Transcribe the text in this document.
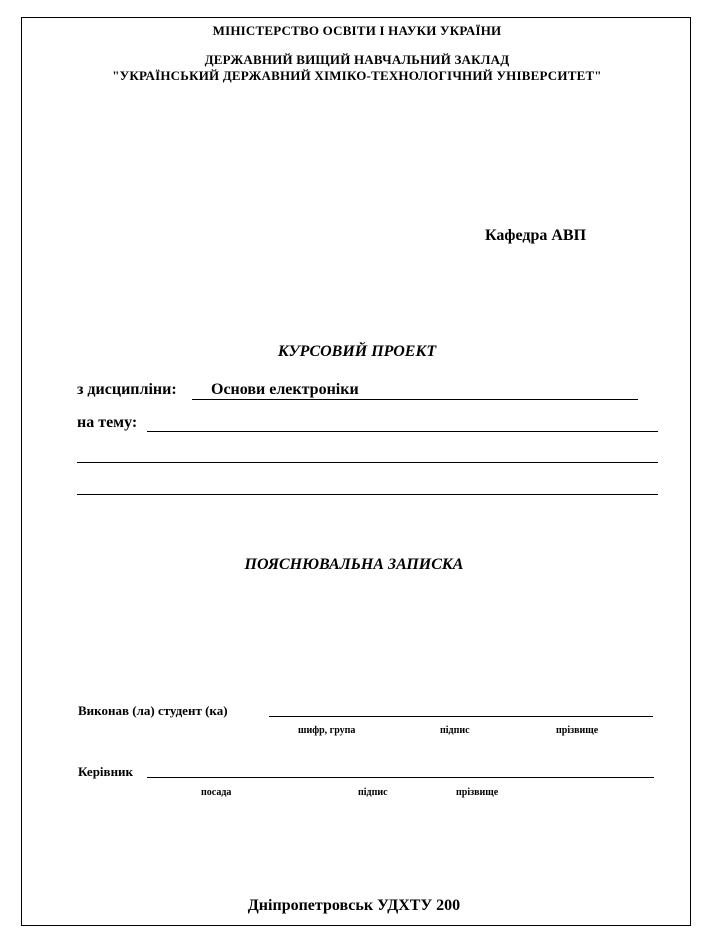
МІНІСТЕРСТВО ОСВІТИ І НАУКИ УКРАЇНИ
ДЕРЖАВНИЙ ВИЩИЙ НАВЧАЛЬНИЙ ЗАКЛАД
"УКРАЇНСЬКИЙ ДЕРЖАВНИЙ ХІМІКО-ТЕХНОЛОГІЧНИЙ УНІВЕРСИТЕТ"
Кафедра АВП
КУРСОВИЙ ПРОЕКТ
з дисципліни: Основи електроніки
на тему:
ПОЯСНЮВАЛЬНА ЗАПИСКА
Виконав (ла) студент (ка)
шифр, група	підпис	прізвище
Керівник
посада	підпис	прізвище
Дніпропетровськ УДХТУ 200
